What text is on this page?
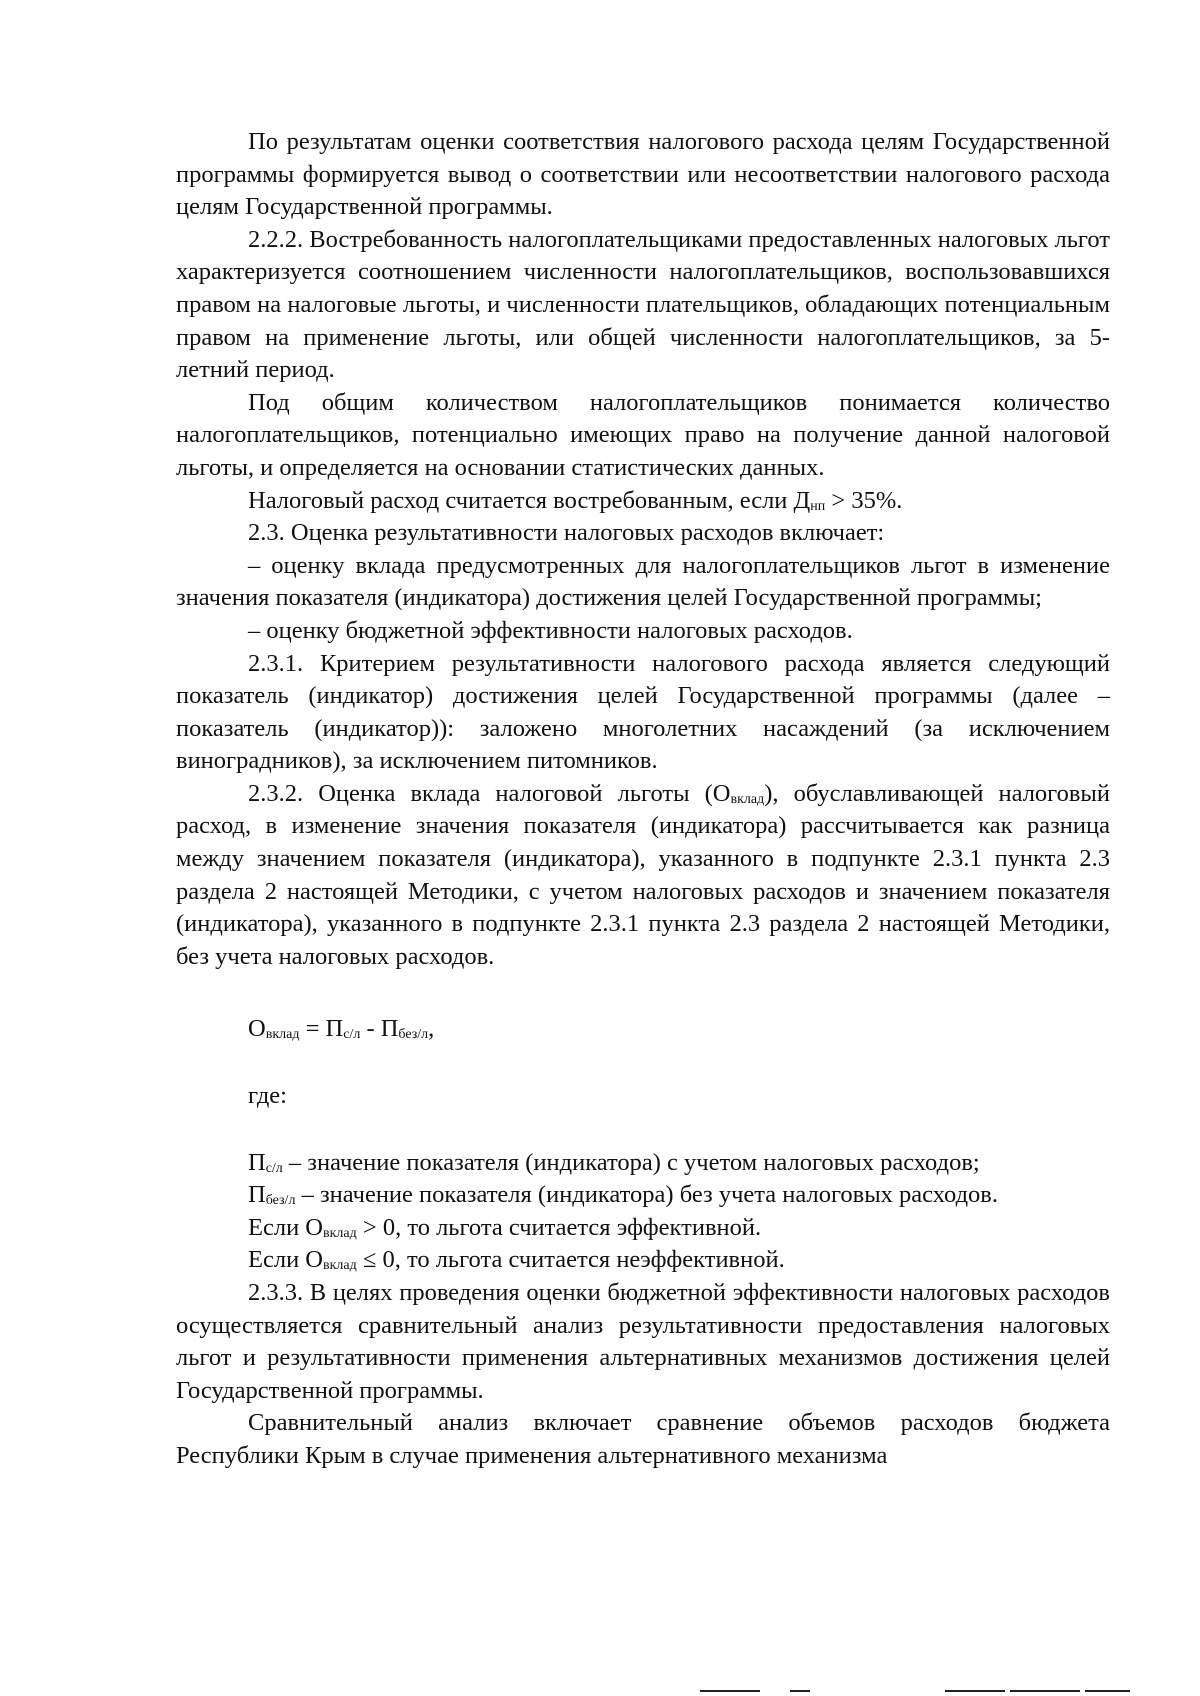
По результатам оценки соответствия налогового расхода целям Государственной программы формируется вывод о соответствии или несоответствии налогового расхода целям Государственной программы.

2.2.2. Востребованность налогоплательщиками предоставленных налоговых льгот характеризуется соотношением численности налогоплательщиков, воспользовавшихся правом на налоговые льготы, и численности плательщиков, обладающих потенциальным правом на применение льготы, или общей численности налогоплательщиков, за 5-летний период.

Под общим количеством налогоплательщиков понимается количество налогоплательщиков, потенциально имеющих право на получение данной налоговой льготы, и определяется на основании статистических данных.

Налоговый расход считается востребованным, если $Д_{нп} > 35\%$.

2.3. Оценка результативности налоговых расходов включает:

– оценку вклада предусмотренных для налогоплательщиков льгот в изменение значения показателя (индикатора) достижения целей Государственной программы;

– оценку бюджетной эффективности налоговых расходов.

2.3.1. Критерием результативности налогового расхода является следующий показатель (индикатор) достижения целей Государственной программы (далее – показатель (индикатор)): заложено многолетних насаждений (за исключением виноградников), за исключением питомников.

2.3.2. Оценка вклада налоговой льготы $(О_{вклад})$, обуславливающей налоговый расход, в изменение значения показателя (индикатора) рассчитывается как разница между значением показателя (индикатора), указанного в подпункте 2.3.1 пункта 2.3 раздела 2 настоящей Методики, с учетом налоговых расходов и значением показателя (индикатора), указанного в подпункте 2.3.1 пункта 2.3 раздела 2 настоящей Методики, без учета налоговых расходов.

$О_{вклад} = П_{с/л} - П_{без/л}$,

где:

$П_{с/л}$ – значение показателя (индикатора) с учетом налоговых расходов;

$П_{без/л}$ – значение показателя (индикатора) без учета налоговых расходов.

Если $О_{вклад} > 0$, то льгота считается эффективной.

Если $О_{вклад} \le 0$, то льгота считается неэффективной.

2.3.3. В целях проведения оценки бюджетной эффективности налоговых расходов осуществляется сравнительный анализ результативности предоставления налоговых льгот и результативности применения альтернативных механизмов достижения целей Государственной программы.

Сравнительный анализ включает сравнение объемов расходов бюджета Республики Крым в случае применения альтернативного механизма
